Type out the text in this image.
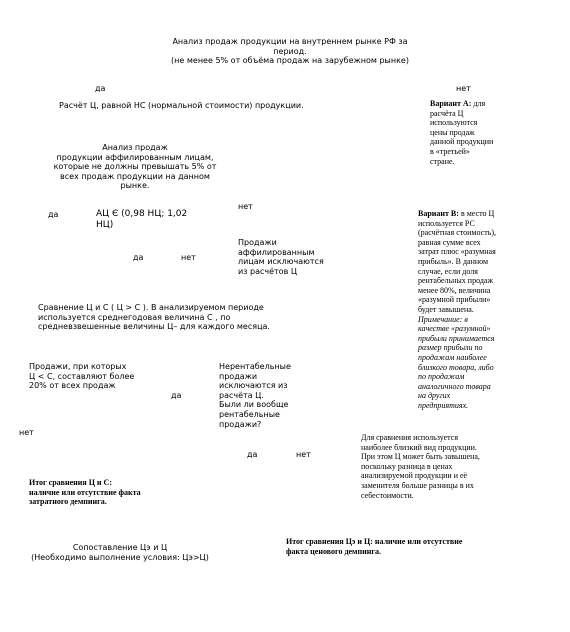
Анализ продаж продукции на внутреннем рынке РФ за
период.
(не менее 5% от объёма продаж на зарубежном рынке)
да	нет
Расчёт Ц, равной НС (нормальной стоимости) продукции.	Вариант А: для
расчёта Ц
используются
цены продаж
данной продукции
в «третьей»
стране.
Анализ продаж
продукции аффилированным лицам,
которые не должны превышать 5% от
всех продаж продукции на данном
рынке.
нет
да	АЦ Є (0,98 НЦ; 1,02
НЦ)
Продажи
аффилированным
лицам исключаются
из расчётов Ц
да	нет
Вариант В: в место Ц
используется РС
(расчётная стоимость),
равная сумме всех
затрат плюс «разумная
прибыль». В данном
случае, если доля
рентабельных продаж
менее 80%, величина
«разумной прибыли»
будет завышена.
Примечание: в
качестве «разумной»
прибыли принимается
размер прибыли по
продажам наиболее
близкого товара, либо
по продажам
аналогичного товара
на других
предприятиях.
Сравнение Ц и С ( Ц > С ). В анализируемом периоде
используется среднегодовая величина С , по
средневзвешенные величины Ц– для каждого месяца.
Продажи, при которых
Ц < С, составляют более
20% от всех продаж
Нерентабельные
продажи
исключаются из
расчёта Ц.
Были ли вообще
рентабельные
продажи?
да
нет
Для сравнения используется
наиболее близкий вид продукции.
При этом Ц может быть завышена,
поскольку разница в ценах
анализируемой продукции и её
заменителя больше разницы в их
себестоимости.
да	нет
Итог сравнения Ц и С:
наличие или отсутствие факта
затратного демпинга.
Сопоставление Цэ и Ц
(Необходимо выполнение условия: Цэ>Ц)
Итог сравнения Цэ и Ц: наличие или отсутствие
факта ценового демпинга.
